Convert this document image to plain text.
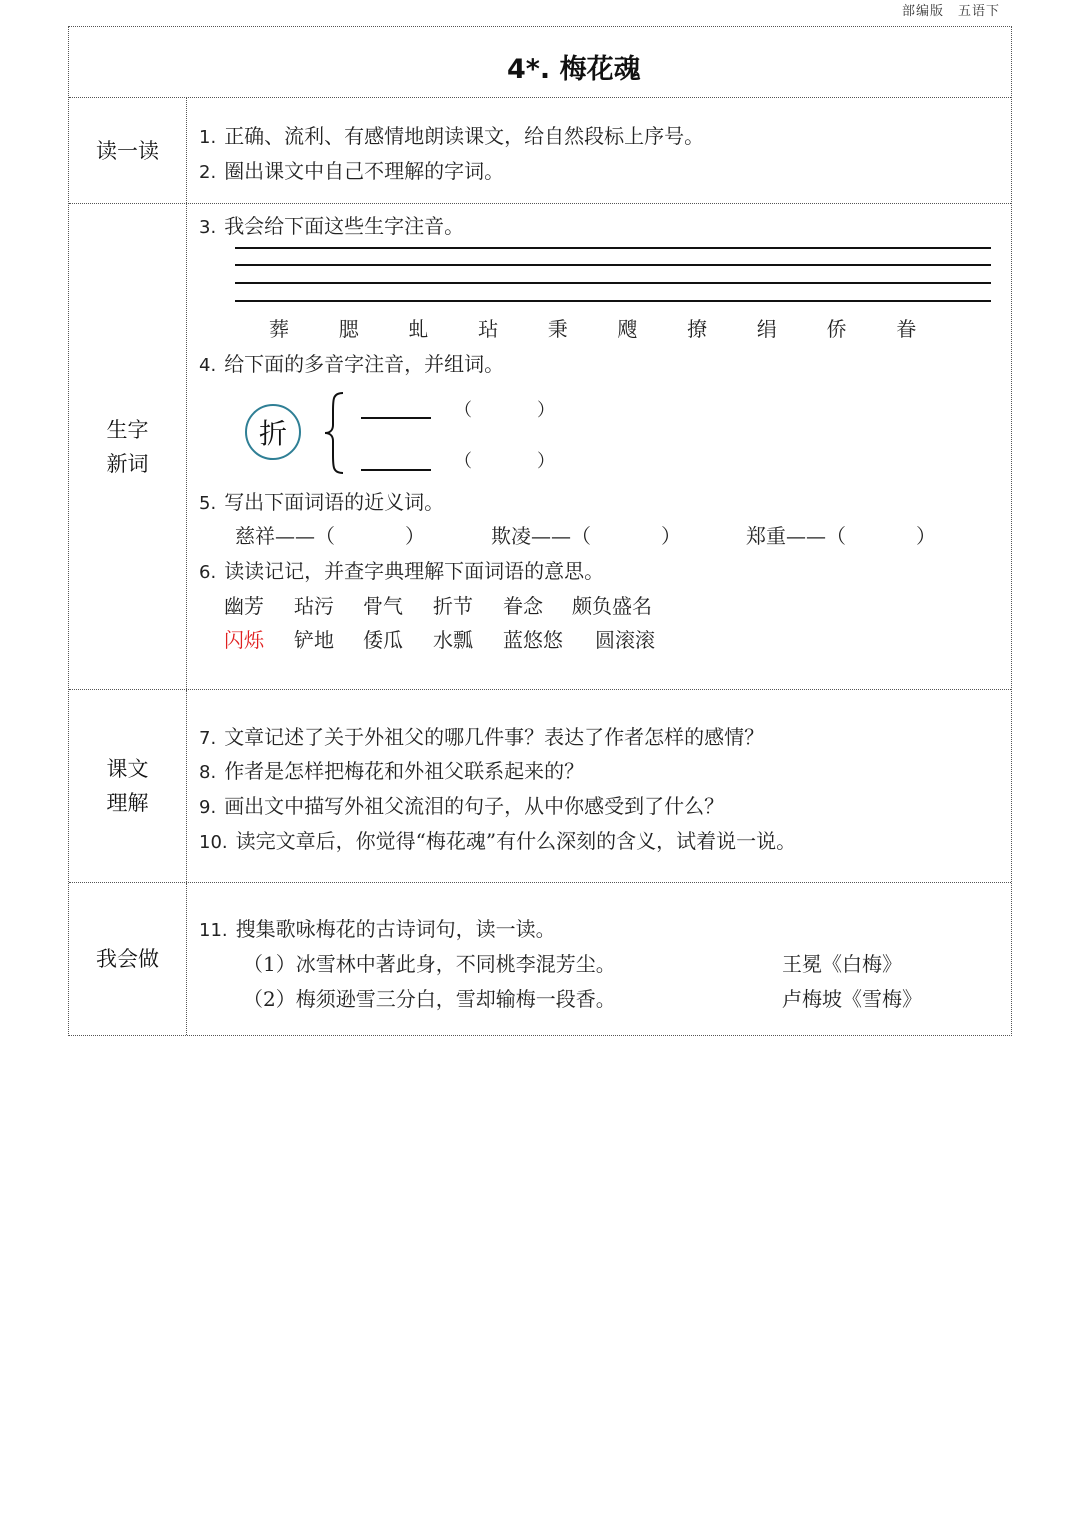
部编版　五语下
4*. 梅花魂
读一读
1. 正确、流利、有感情地朗读课文，给自然段标上序号。
2. 圈出课文中自己不理解的字词。
生字
新词
3. 我会给下面这些生字注音。
葬 腮 虬 玷 秉 飕 撩 绢 侨 眷
4. 给下面的多音字注音，并组词。
折
（	）
（	）
5. 写出下面词语的近义词。
慈祥——（	）	欺凌——（	）	郑重——（	）
6. 读读记记，并查字典理解下面词语的意思。
幽芳 玷污 骨气 折节 眷念 颇负盛名
闪烁 铲地 倭瓜 水瓢 蓝悠悠 圆滚滚
课文
理解
7. 文章记述了关于外祖父的哪几件事？表达了作者怎样的感情？
8. 作者是怎样把梅花和外祖父联系起来的？
9. 画出文中描写外祖父流泪的句子，从中你感受到了什么？
10. 读完文章后，你觉得“梅花魂”有什么深刻的含义，试着说一说。
我会做
11. 搜集歌咏梅花的古诗词句，读一读。
（1）冰雪林中著此身，不同桃李混芳尘。	王冕《白梅》
（2）梅须逊雪三分白，雪却输梅一段香。	卢梅坡《雪梅》
